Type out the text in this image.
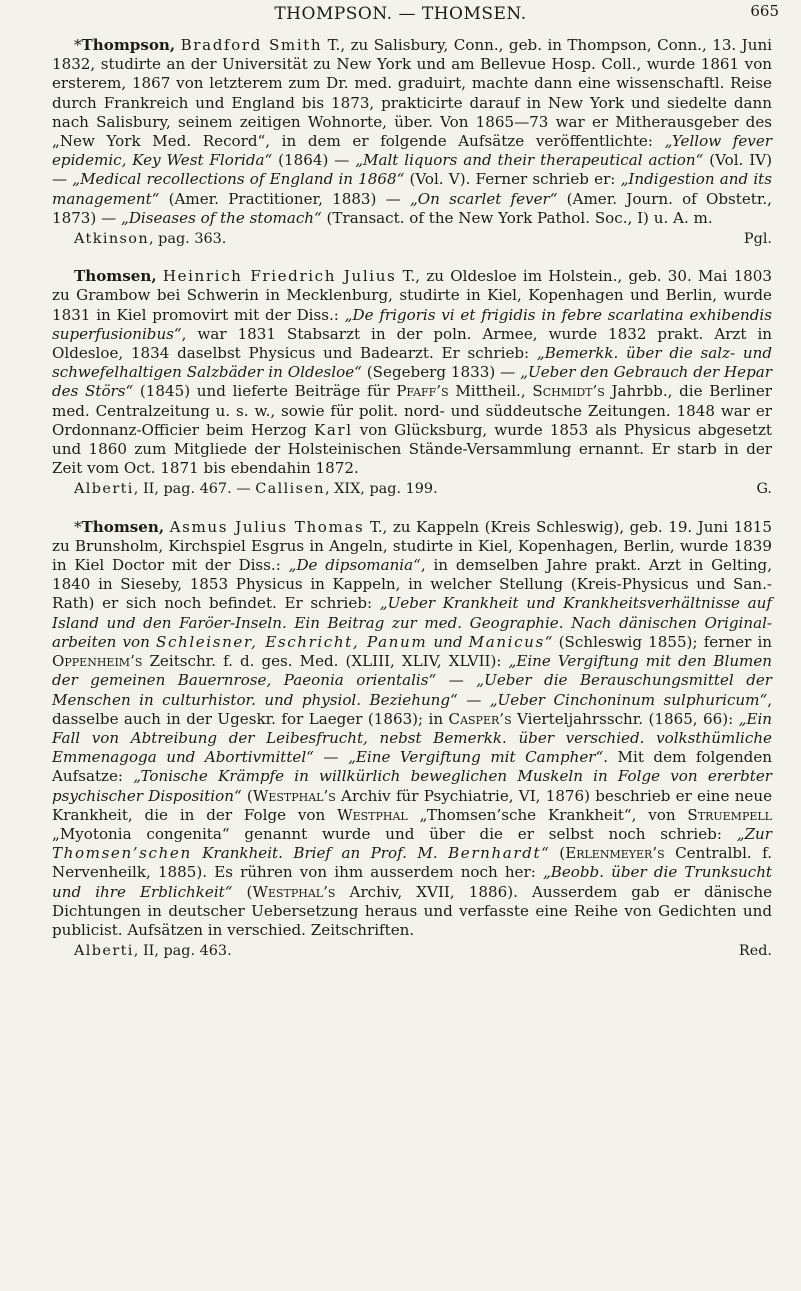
THOMPSON. — THOMSEN.	665

*Thompson, Bradford Smith T., zu Salisbury, Conn., geb. in Thompson, Conn., 13. Juni 1832, studirte an der Universität zu New York und am Bellevue Hosp. Coll., wurde 1861 von ersterem, 1867 von letzterem zum Dr. med. graduirt, machte dann eine wissenschaftl. Reise durch Frankreich und England bis 1873, prakticirte darauf in New York und siedelte dann nach Salisbury, seinem zeitigen Wohnorte, über. Von 1865—73 war er Mitherausgeber des „New York Med. Record“, in dem er folgende Aufsätze veröffentlichte: „Yellow fever epidemic, Key West Florida“ (1864) — „Malt liquors and their therapeutical action“ (Vol. IV) — „Medical recollections of England in 1868“ (Vol. V). Ferner schrieb er: „Indigestion and its management“ (Amer. Practitioner, 1883) — „On scarlet fever“ (Amer. Journ. of Obstetr., 1873) — „Diseases of the stomach“ (Transact. of the New York Pathol. Soc., I) u. A. m.

Atkinson, pag. 363.	Pgl.

Thomsen, Heinrich Friedrich Julius T., zu Oldesloe im Holstein., geb. 30. Mai 1803 zu Grambow bei Schwerin in Mecklenburg, studirte in Kiel, Kopenhagen und Berlin, wurde 1831 in Kiel promovirt mit der Diss.: „De frigoris vi et frigidis in febre scarlatina exhibendis superfusionibus“, war 1831 Stabsarzt in der poln. Armee, wurde 1832 prakt. Arzt in Oldesloe, 1834 daselbst Physicus und Badearzt. Er schrieb: „Bemerkk. über die salz- und schwefelhaltigen Salzbäder in Oldesloe“ (Segeberg 1833) — „Ueber den Gebrauch der Hepar des Störs“ (1845) und lieferte Beiträge für Pfaff’s Mittheil., Schmidt’s Jahrbb., die Berliner med. Centralzeitung u. s. w., sowie für polit. nord- und süddeutsche Zeitungen. 1848 war er Ordonnanz-Officier beim Herzog Karl von Glücksburg, wurde 1853 als Physicus abgesetzt und 1860 zum Mitgliede der Holsteinischen Stände-Versammlung ernannt. Er starb in der Zeit vom Oct. 1871 bis ebendahin 1872.

Alberti, II, pag. 467. — Callisen, XIX, pag. 199.	G.

*Thomsen, Asmus Julius Thomas T., zu Kappeln (Kreis Schleswig), geb. 19. Juni 1815 zu Brunsholm, Kirchspiel Esgrus in Angeln, studirte in Kiel, Kopenhagen, Berlin, wurde 1839 in Kiel Doctor mit der Diss.: „De dipsomania“, in demselben Jahre prakt. Arzt in Gelting, 1840 in Sieseby, 1853 Physicus in Kappeln, in welcher Stellung (Kreis-Physicus und San.-Rath) er sich noch befindet. Er schrieb: „Ueber Krankheit und Krankheitsverhältnisse auf Island und den Faröer-Inseln. Ein Beitrag zur med. Geographie. Nach dänischen Original-arbeiten von Schleisner, Eschricht, Panum und Manicus“ (Schleswig 1855); ferner in Oppenheim’s Zeitschr. f. d. ges. Med. (XLIII, XLIV, XLVII): „Eine Vergiftung mit den Blumen der gemeinen Bauernrose, Paeonia orientalis“ — „Ueber die Berauschungsmittel der Menschen in culturhistor. und physiol. Beziehung“ — „Ueber Cinchoninum sulphuricum“, dasselbe auch in der Ugeskr. for Laeger (1863); in Casper’s Vierteljahrsschr. (1865, 66): „Ein Fall von Abtreibung der Leibesfrucht, nebst Bemerkk. über verschied. volksthümliche Emmenagoga und Abortivmittel“ — „Eine Vergiftung mit Campher“. Mit dem folgenden Aufsatze: „Tonische Krämpfe in willkürlich beweglichen Muskeln in Folge von ererbter psychischer Disposition“ (Westphal’s Archiv für Psychiatrie, VI, 1876) beschrieb er eine neue Krankheit, die in der Folge von Westphal „Thomsen’sche Krankheit“, von Struempell „Myotonia congenita“ genannt wurde und über die er selbst noch schrieb: „Zur Thomsen’schen Krankheit. Brief an Prof. M. Bernhardt“ (Erlenmeyer’s Centralbl. f. Nervenheilk, 1885). Es rühren von ihm ausserdem noch her: „Beobb. über die Trunksucht und ihre Erblichkeit“ (Westphal’s Archiv, XVII, 1886). Ausserdem gab er dänische Dichtungen in deutscher Uebersetzung heraus und verfasste eine Reihe von Gedichten und publicist. Aufsätzen in verschied. Zeitschriften.

Alberti, II, pag. 463.	Red.
